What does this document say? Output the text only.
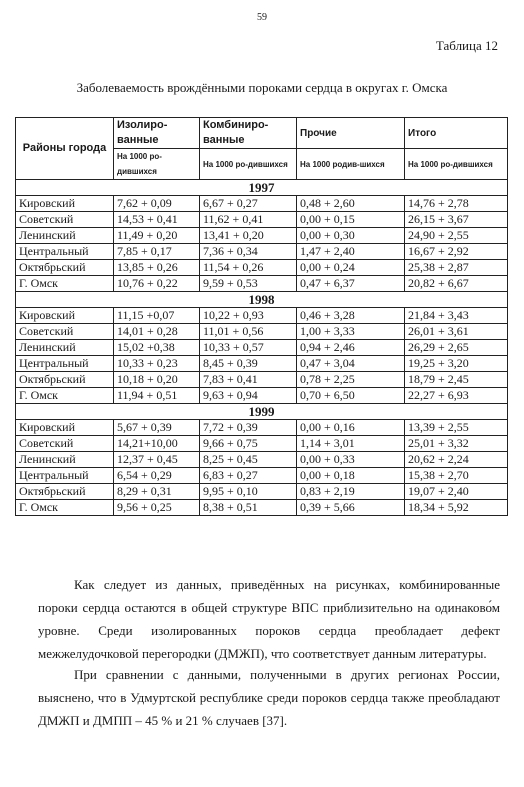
59
Таблица 12
Заболеваемость врождёнными пороками сердца в округах г. Омска
Районы города	Изолиро-ванные	Комбиниро-ванные	Прочие	Итого
	На 1000 ро-дившихся	На 1000 ро-дившихся	На 1000 родив-шихся	На 1000 ро-дившихся
1997				
Кировский	7,62 + 0,09	6,67 + 0,27	0,48 + 2,60	14,76 + 2,78
Советский	14,53 + 0,41	11,62 + 0,41	0,00 + 0,15	26,15 + 3,67
Ленинский	11,49 + 0,20	13,41 + 0,20	0,00 + 0,30	24,90 + 2,55
Центральный	7,85 + 0,17	7,36 + 0,34	1,47 + 2,40	16,67 + 2,92
Октябрьский	13,85 + 0,26	11,54 + 0,26	0,00 + 0,24	25,38 + 2,87
Г. Омск	10,76 + 0,22	9,59 + 0,53	0,47 + 6,37	20,82 + 6,67
1998				
Кировский	11,15 +0,07	10,22 + 0,93	0,46 + 3,28	21,84 + 3,43
Советский	14,01 + 0,28	11,01 + 0,56	1,00 + 3,33	26,01 + 3,61
Ленинский	15,02 +0,38	10,33 + 0,57	0,94 + 2,46	26,29 + 2,65
Центральный	10,33 + 0,23	8,45 + 0,39	0,47 + 3,04	19,25 + 3,20
Октябрьский	10,18 + 0,20	7,83 + 0,41	0,78 + 2,25	18,79 + 2,45
Г. Омск	11,94 + 0,51	9,63 + 0,94	0,70 + 6,50	22,27 + 6,93
1999				
Кировский	5,67 + 0,39	7,72 + 0,39	0,00 + 0,16	13,39 + 2,55
Советский	14,21+10,00	9,66 + 0,75	1,14 + 3,01	25,01 + 3,32
Ленинский	12,37 + 0,45	8,25 + 0,45	0,00 + 0,33	20,62 + 2,24
Центральный	6,54 + 0,29	6,83 + 0,27	0,00 + 0,18	15,38 + 2,70
Октябрьский	8,29 + 0,31	9,95 + 0,10	0,83 + 2,19	19,07 + 2,40
Г. Омск	9,56 + 0,25	8,38 + 0,51	0,39 + 5,66	18,34 + 5,92

Как следует из данных, приведённых на рисунках, комбинированные пороки сердца остаются в общей структуре ВПС приблизительно на одинаково́м уровне. Среди изолированных пороков сердца преобладает дефект межжелудочковой перегородки (ДМЖП), что соответствует данным литературы.

При сравнении с данными, полученными в других регионах России, выяснено, что в Удмуртской республике среди пороков сердца также преобладают ДМЖП и ДМПП – 45 % и 21 % случаев [37].
